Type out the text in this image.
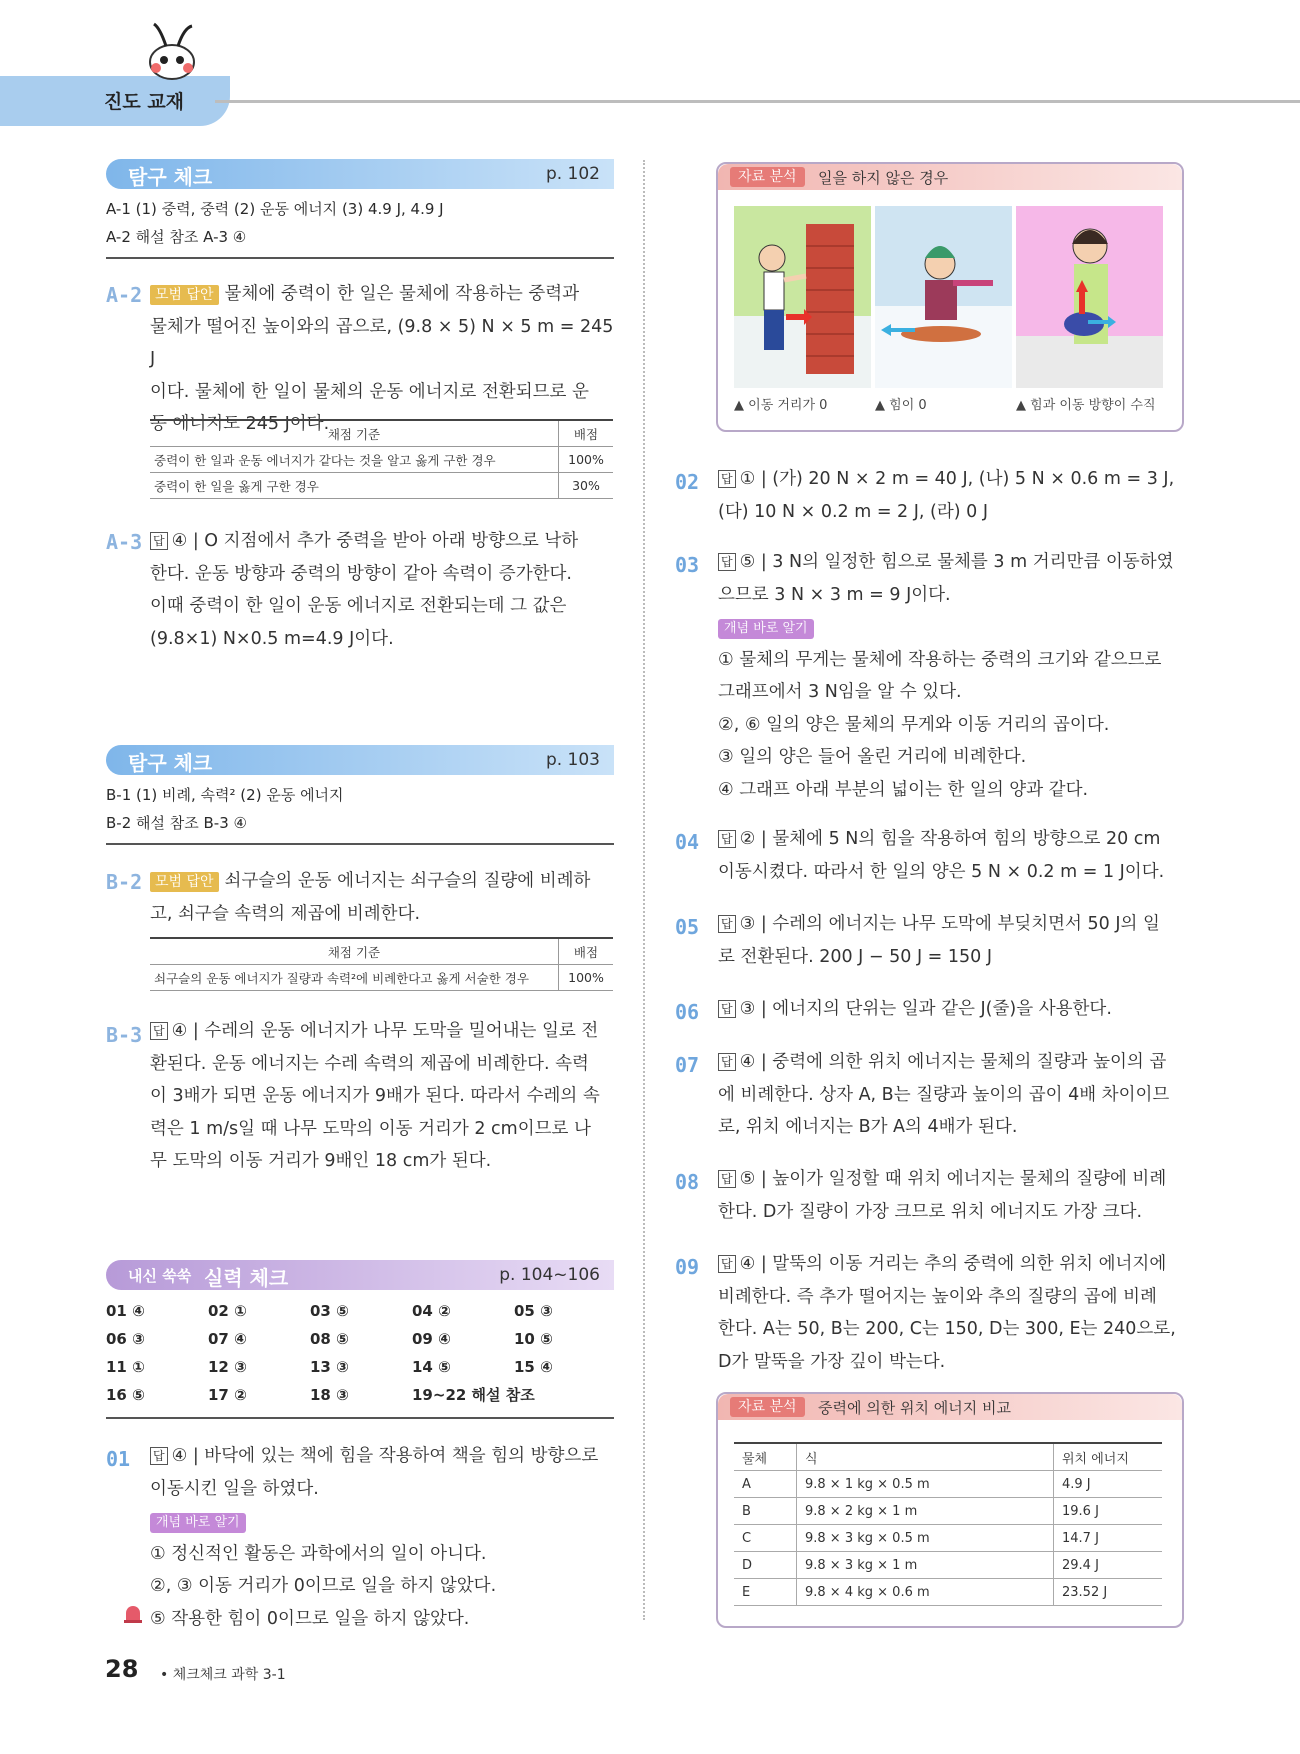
진도 교재
탐구 체크	p. 102
A-1 (1) 중력, 중력 (2) 운동 에너지 (3) 4.9 J, 4.9 J
A-2 해설 참조 A-3 ④
A-2 모범 답안 물체에 중력이 한 일은 물체에 작용하는 중력과
물체가 떨어진 높이와의 곱으로, (9.8 × 5) N × 5 m = 245 J
이다. 물체에 한 일이 물체의 운동 에너지로 전환되므로 운
동 에너지도 245 J이다.
채점 기준	배점
중력이 한 일과 운동 에너지가 같다는 것을 알고 옳게 구한 경우	100%
중력이 한 일을 옳게 구한 경우	30%
A-3 답 ④ | O 지점에서 추가 중력을 받아 아래 방향으로 낙하
한다. 운동 방향과 중력의 방향이 같아 속력이 증가한다.
이때 중력이 한 일이 운동 에너지로 전환되는데 그 값은
(9.8×1) N×0.5 m=4.9 J이다.
탐구 체크	p. 103
B-1 (1) 비례, 속력² (2) 운동 에너지
B-2 해설 참조 B-3 ④
B-2 모범 답안 쇠구슬의 운동 에너지는 쇠구슬의 질량에 비례하
고, 쇠구슬 속력의 제곱에 비례한다.
채점 기준	배점
쇠구슬의 운동 에너지가 질량과 속력²에 비례한다고 옳게 서술한 경우	100%
B-3 답 ④ | 수레의 운동 에너지가 나무 도막을 밀어내는 일로 전
환된다. 운동 에너지는 수레 속력의 제곱에 비례한다. 속력
이 3배가 되면 운동 에너지가 9배가 된다. 따라서 수레의 속
력은 1 m/s일 때 나무 도막의 이동 거리가 2 cm이므로 나
무 도막의 이동 거리가 9배인 18 cm가 된다.
내신 쑥쑥 실력 체크	p. 104~106
01 ④	02 ①	03 ⑤	04 ②	05 ③
06 ③	07 ④	08 ⑤	09 ④	10 ⑤
11 ①	12 ③	13 ③	14 ⑤	15 ④
16 ⑤	17 ②	18 ③	19~22 해설 참조
01 답 ④ | 바닥에 있는 책에 힘을 작용하여 책을 힘의 방향으로
이동시킨 일을 하였다.
개념 바로 알기
① 정신적인 활동은 과학에서의 일이 아니다.
②, ③ 이동 거리가 0이므로 일을 하지 않았다.
⑤ 작용한 힘이 0이므로 일을 하지 않았다.
자료 분석	일을 하지 않은 경우
▲ 이동 거리가 0	▲ 힘이 0	▲ 힘과 이동 방향이 수직
02 답 ① | (가) 20 N × 2 m = 40 J, (나) 5 N × 0.6 m = 3 J,
(다) 10 N × 0.2 m = 2 J, (라) 0 J
03 답 ⑤ | 3 N의 일정한 힘으로 물체를 3 m 거리만큼 이동하였
으므로 3 N × 3 m = 9 J이다.
개념 바로 알기
① 물체의 무게는 물체에 작용하는 중력의 크기와 같으므로
그래프에서 3 N임을 알 수 있다.
②, ⑥ 일의 양은 물체의 무게와 이동 거리의 곱이다.
③ 일의 양은 들어 올린 거리에 비례한다.
④ 그래프 아래 부분의 넓이는 한 일의 양과 같다.
04 답 ② | 물체에 5 N의 힘을 작용하여 힘의 방향으로 20 cm
이동시켰다. 따라서 한 일의 양은 5 N × 0.2 m = 1 J이다.
05 답 ③ | 수레의 에너지는 나무 도막에 부딪치면서 50 J의 일
로 전환된다. 200 J − 50 J = 150 J
06 답 ③ | 에너지의 단위는 일과 같은 J(줄)을 사용한다.
07 답 ④ | 중력에 의한 위치 에너지는 물체의 질량과 높이의 곱
에 비례한다. 상자 A, B는 질량과 높이의 곱이 4배 차이이므
로, 위치 에너지는 B가 A의 4배가 된다.
08 답 ⑤ | 높이가 일정할 때 위치 에너지는 물체의 질량에 비례
한다. D가 질량이 가장 크므로 위치 에너지도 가장 크다.
09 답 ④ | 말뚝의 이동 거리는 추의 중력에 의한 위치 에너지에
비례한다. 즉 추가 떨어지는 높이와 추의 질량의 곱에 비례
한다. A는 50, B는 200, C는 150, D는 300, E는 240으로,
D가 말뚝을 가장 깊이 박는다.
자료 분석	중력에 의한 위치 에너지 비교
물체	식	위치 에너지
A	9.8 × 1 kg × 0.5 m	4.9 J
B	9.8 × 2 kg × 1 m	19.6 J
C	9.8 × 3 kg × 0.5 m	14.7 J
D	9.8 × 3 kg × 1 m	29.4 J
E	9.8 × 4 kg × 0.6 m	23.52 J
28 • 체크체크 과학 3-1
